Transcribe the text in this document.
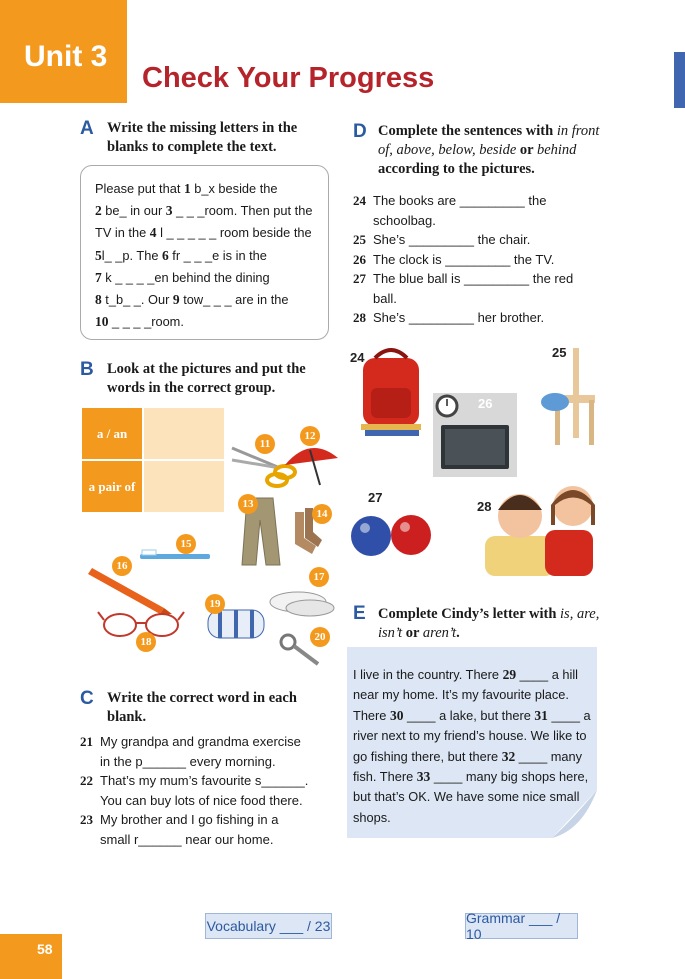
Unit 3
Check Your Progress
A Write the missing letters in the blanks to complete the text.
Please put that 1 b_x beside the
2 be_ in our 3 _ _ _room. Then put the
TV in the 4 l _ _ _ _ _ room beside the
5l_ _p. The 6 fr _ _ _e is in the
7 k _ _ _ _en behind the dining
8 t_b_ _. Our 9 tow_ _ _ are in the
10 _ _ _ _room.
B Look at the pictures and put the words in the correct group.
a / an
a pair of
11
12
13
14
15
16
17
18
19
20
C Write the correct word in each blank.
21 My grandpa and grandma exercise
in the p______ every morning.
22 That’s my mum’s favourite s______.
You can buy lots of nice food there.
23 My brother and I go fishing in a
small r______ near our home.
D Complete the sentences with in front of, above, below, beside or behind according to the pictures.
24 The books are _________ the
schoolbag.
25 She’s _________ the chair.
26 The clock is _________ the TV.
27 The blue ball is _________ the red
ball.
28 She’s _________ her brother.
24	25
26
27
28
E Complete Cindy’s letter with is, are, isn’t or aren’t.
I live in the country. There 29 ____ a hill
near my home. It’s my favourite place.
There 30 ____ a lake, but there 31 ____ a
river next to my friend’s house. We like to
go fishing there, but there 32 ____ many
fish. There 33 ____ many big shops here,
but that’s OK. We have some nice small
shops.
Vocabulary ___ / 23	Grammar ___ / 10
58
